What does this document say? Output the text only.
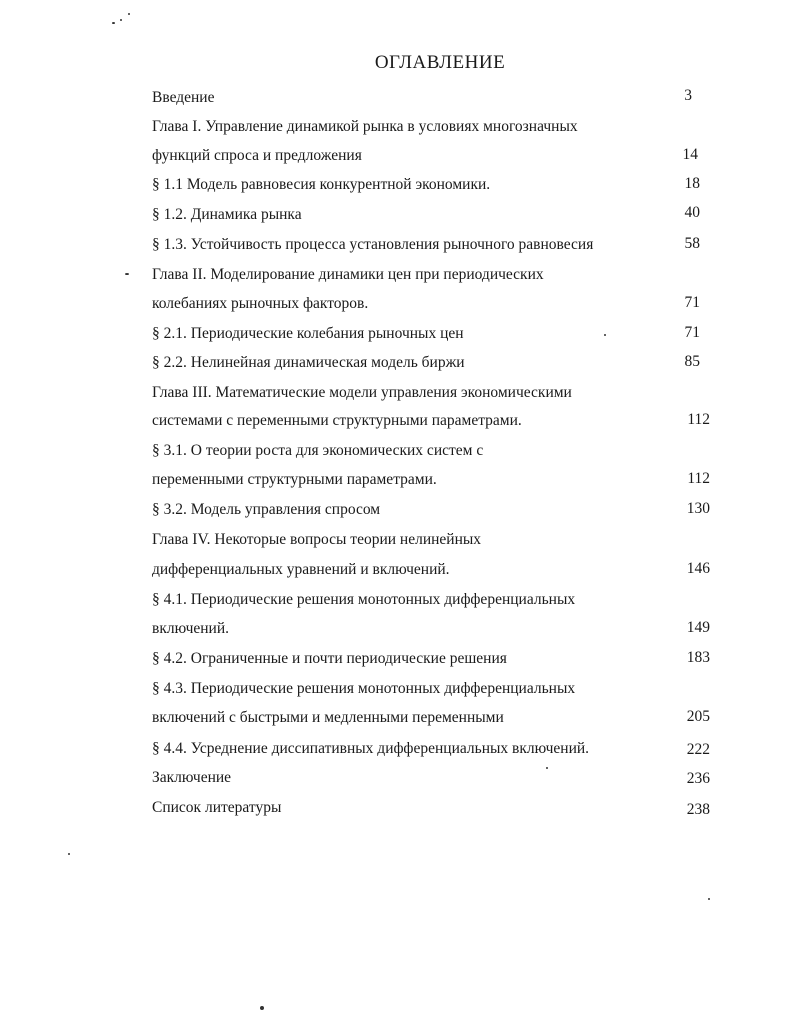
ОГЛАВЛЕНИЕ
Введение	3
Глава I. Управление динамикой рынка в условиях многозначных
функций спроса и предложения	14
§ 1.1 Модель равновесия конкурентной экономики.	18
§ 1.2. Динамика рынка	40
§ 1.3. Устойчивость процесса установления рыночного равновесия	58
Глава II. Моделирование динамики цен при периодических
колебаниях рыночных факторов.	71
§ 2.1. Периодические колебания рыночных цен	71
§ 2.2. Нелинейная динамическая модель биржи	85
Глава III. Математические модели управления экономическими
системами с переменными структурными параметрами.	112
§ 3.1. О теории роста для экономических систем с
переменными структурными параметрами.	112
§ 3.2. Модель управления спросом	130
Глава IV. Некоторые вопросы теории нелинейных
дифференциальных уравнений и включений.	146
§ 4.1. Периодические решения монотонных дифференциальных
включений.	149
§ 4.2. Ограниченные и почти периодические решения	183
§ 4.3. Периодические решения монотонных дифференциальных
включений с быстрыми и медленными переменными	205
§ 4.4. Усреднение диссипативных дифференциальных включений.	222
Заключение	236
Список литературы	238
